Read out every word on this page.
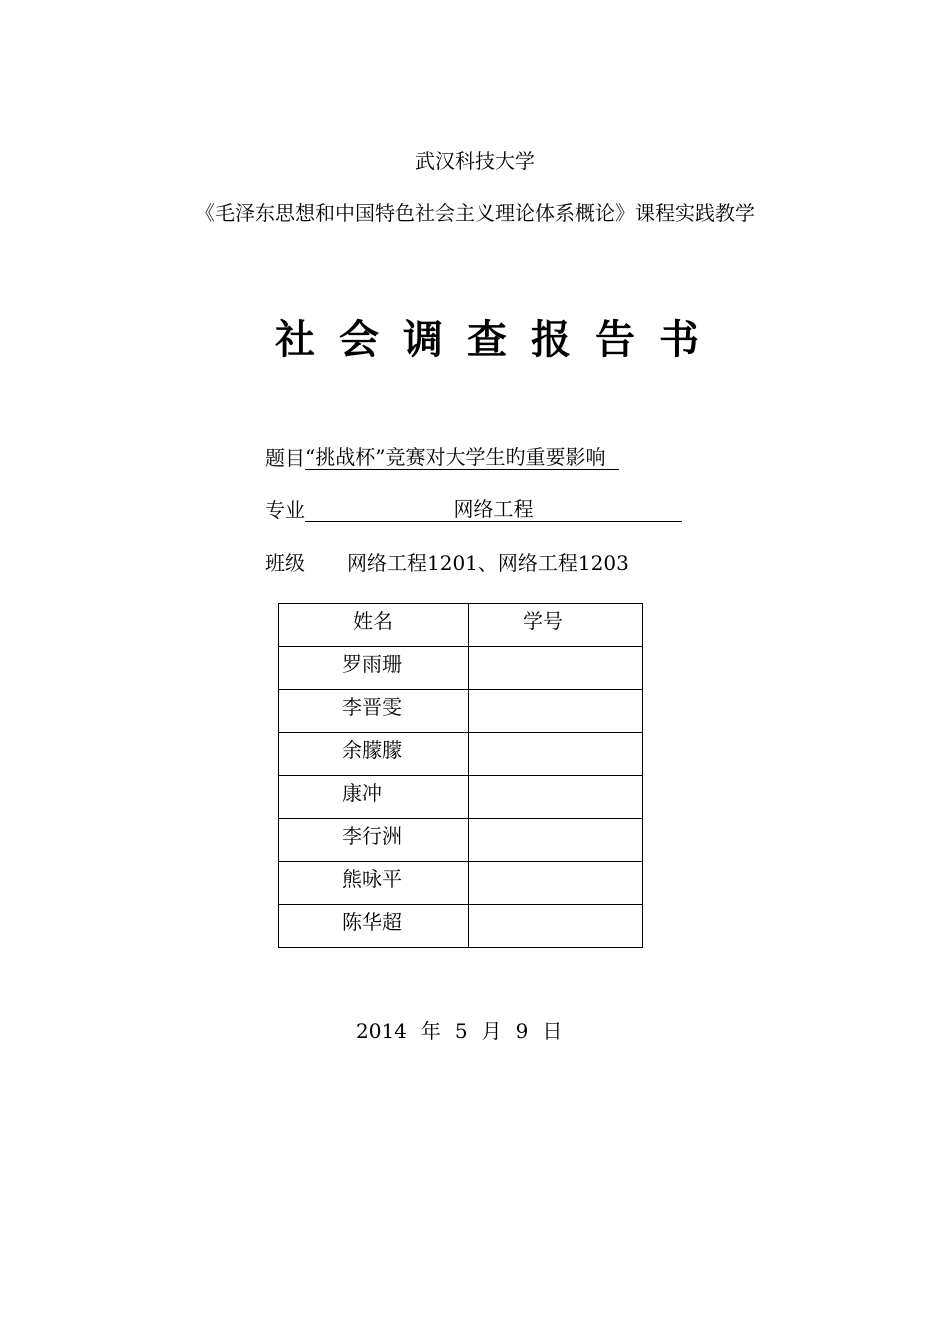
武汉科技大学
《毛泽东思想和中国特色社会主义理论体系概论》课程实践教学
社会调查报告书
题目“挑战杯”竞赛对大学生旳重要影响
专业	网络工程
班级 网络工程1201、网络工程1203
姓名	学号
罗雨珊	
李晋雯	
余朦朦	
康冲	
李行洲	
熊咏平	
陈华超	
2014 年 5 月 9 日
